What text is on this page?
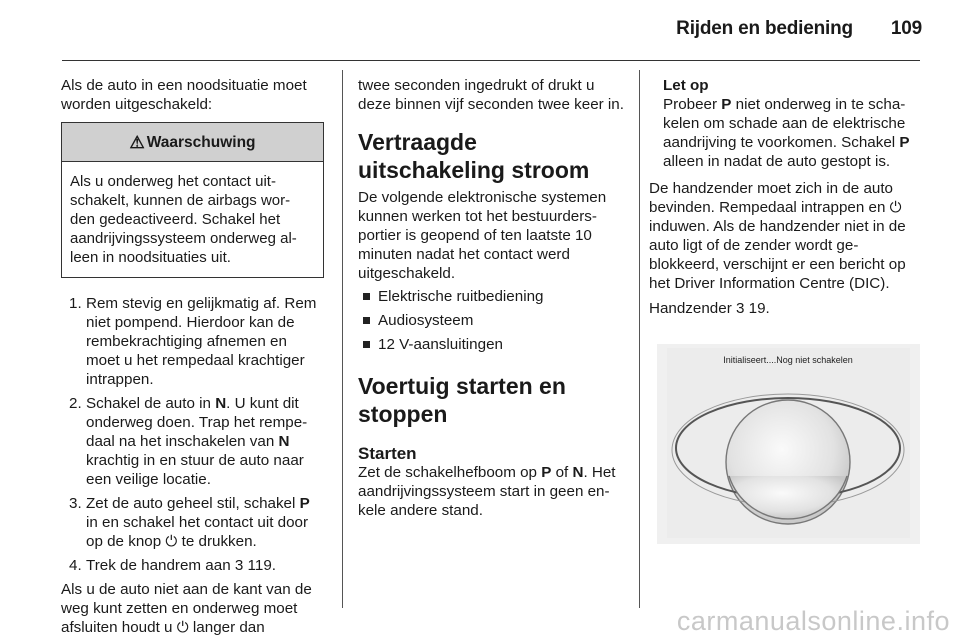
Rijden en bediening 109

Als de auto in een noodsituatie moet worden uitgeschakeld:

⚠ Waarschuwing
Als u onderweg het contact uit- schakelt, kunnen de airbags wor- den gedeactiveerd. Schakel het aandrijvingssysteem onderweg al- leen in noodsituaties uit.
1. Rem stevig en gelijkmatig af. Rem niet pompend. Hierdoor kan de rembekrachtiging afnemen en moet u het rempedaal krachtiger intrappen.
2. Schakel de auto in N. U kunt dit onderweg doen. Trap het rempe- daal na het inschakelen van N krachtig in en stuur de auto naar een veilige locatie.
3. Zet de auto geheel stil, schakel P in en schakel het contact uit door op de knop ⏻ te drukken.
4. Trek de handrem aan 3 119.

Als u de auto niet aan de kant van de weg kunt zetten en onderweg moet afsluiten houdt u ⏻ langer dan

twee seconden ingedrukt of drukt u deze binnen vijf seconden twee keer in.

Vertraagde uitschakeling stroom

De volgende elektronische systemen kunnen werken tot het bestuurders- portier is geopend of ten laatste 10 minuten nadat het contact werd uitgeschakeld.

Elektrische ruitbediening
Audiosysteem
12 V-aansluitingen
Voertuig starten en stoppen
Starten

Zet de schakelhefboom op P of N. Het aandrijvingssysteem start in geen en- kele andere stand.

Let op
Probeer P niet onderweg in te scha- kelen om schade aan de elektrische aandrijving te voorkomen. Schakel P alleen in nadat de auto gestopt is.

De handzender moet zich in de auto bevinden. Rempedaal intrappen en ⏻ induwen. Als de handzender niet in de auto ligt of de zender wordt ge- blokkeerd, verschijnt er een bericht op het Driver Information Centre (DIC).

Handzender 3 19.

Initialiseert....Nog niet schakelen
carmanualsonline.info
